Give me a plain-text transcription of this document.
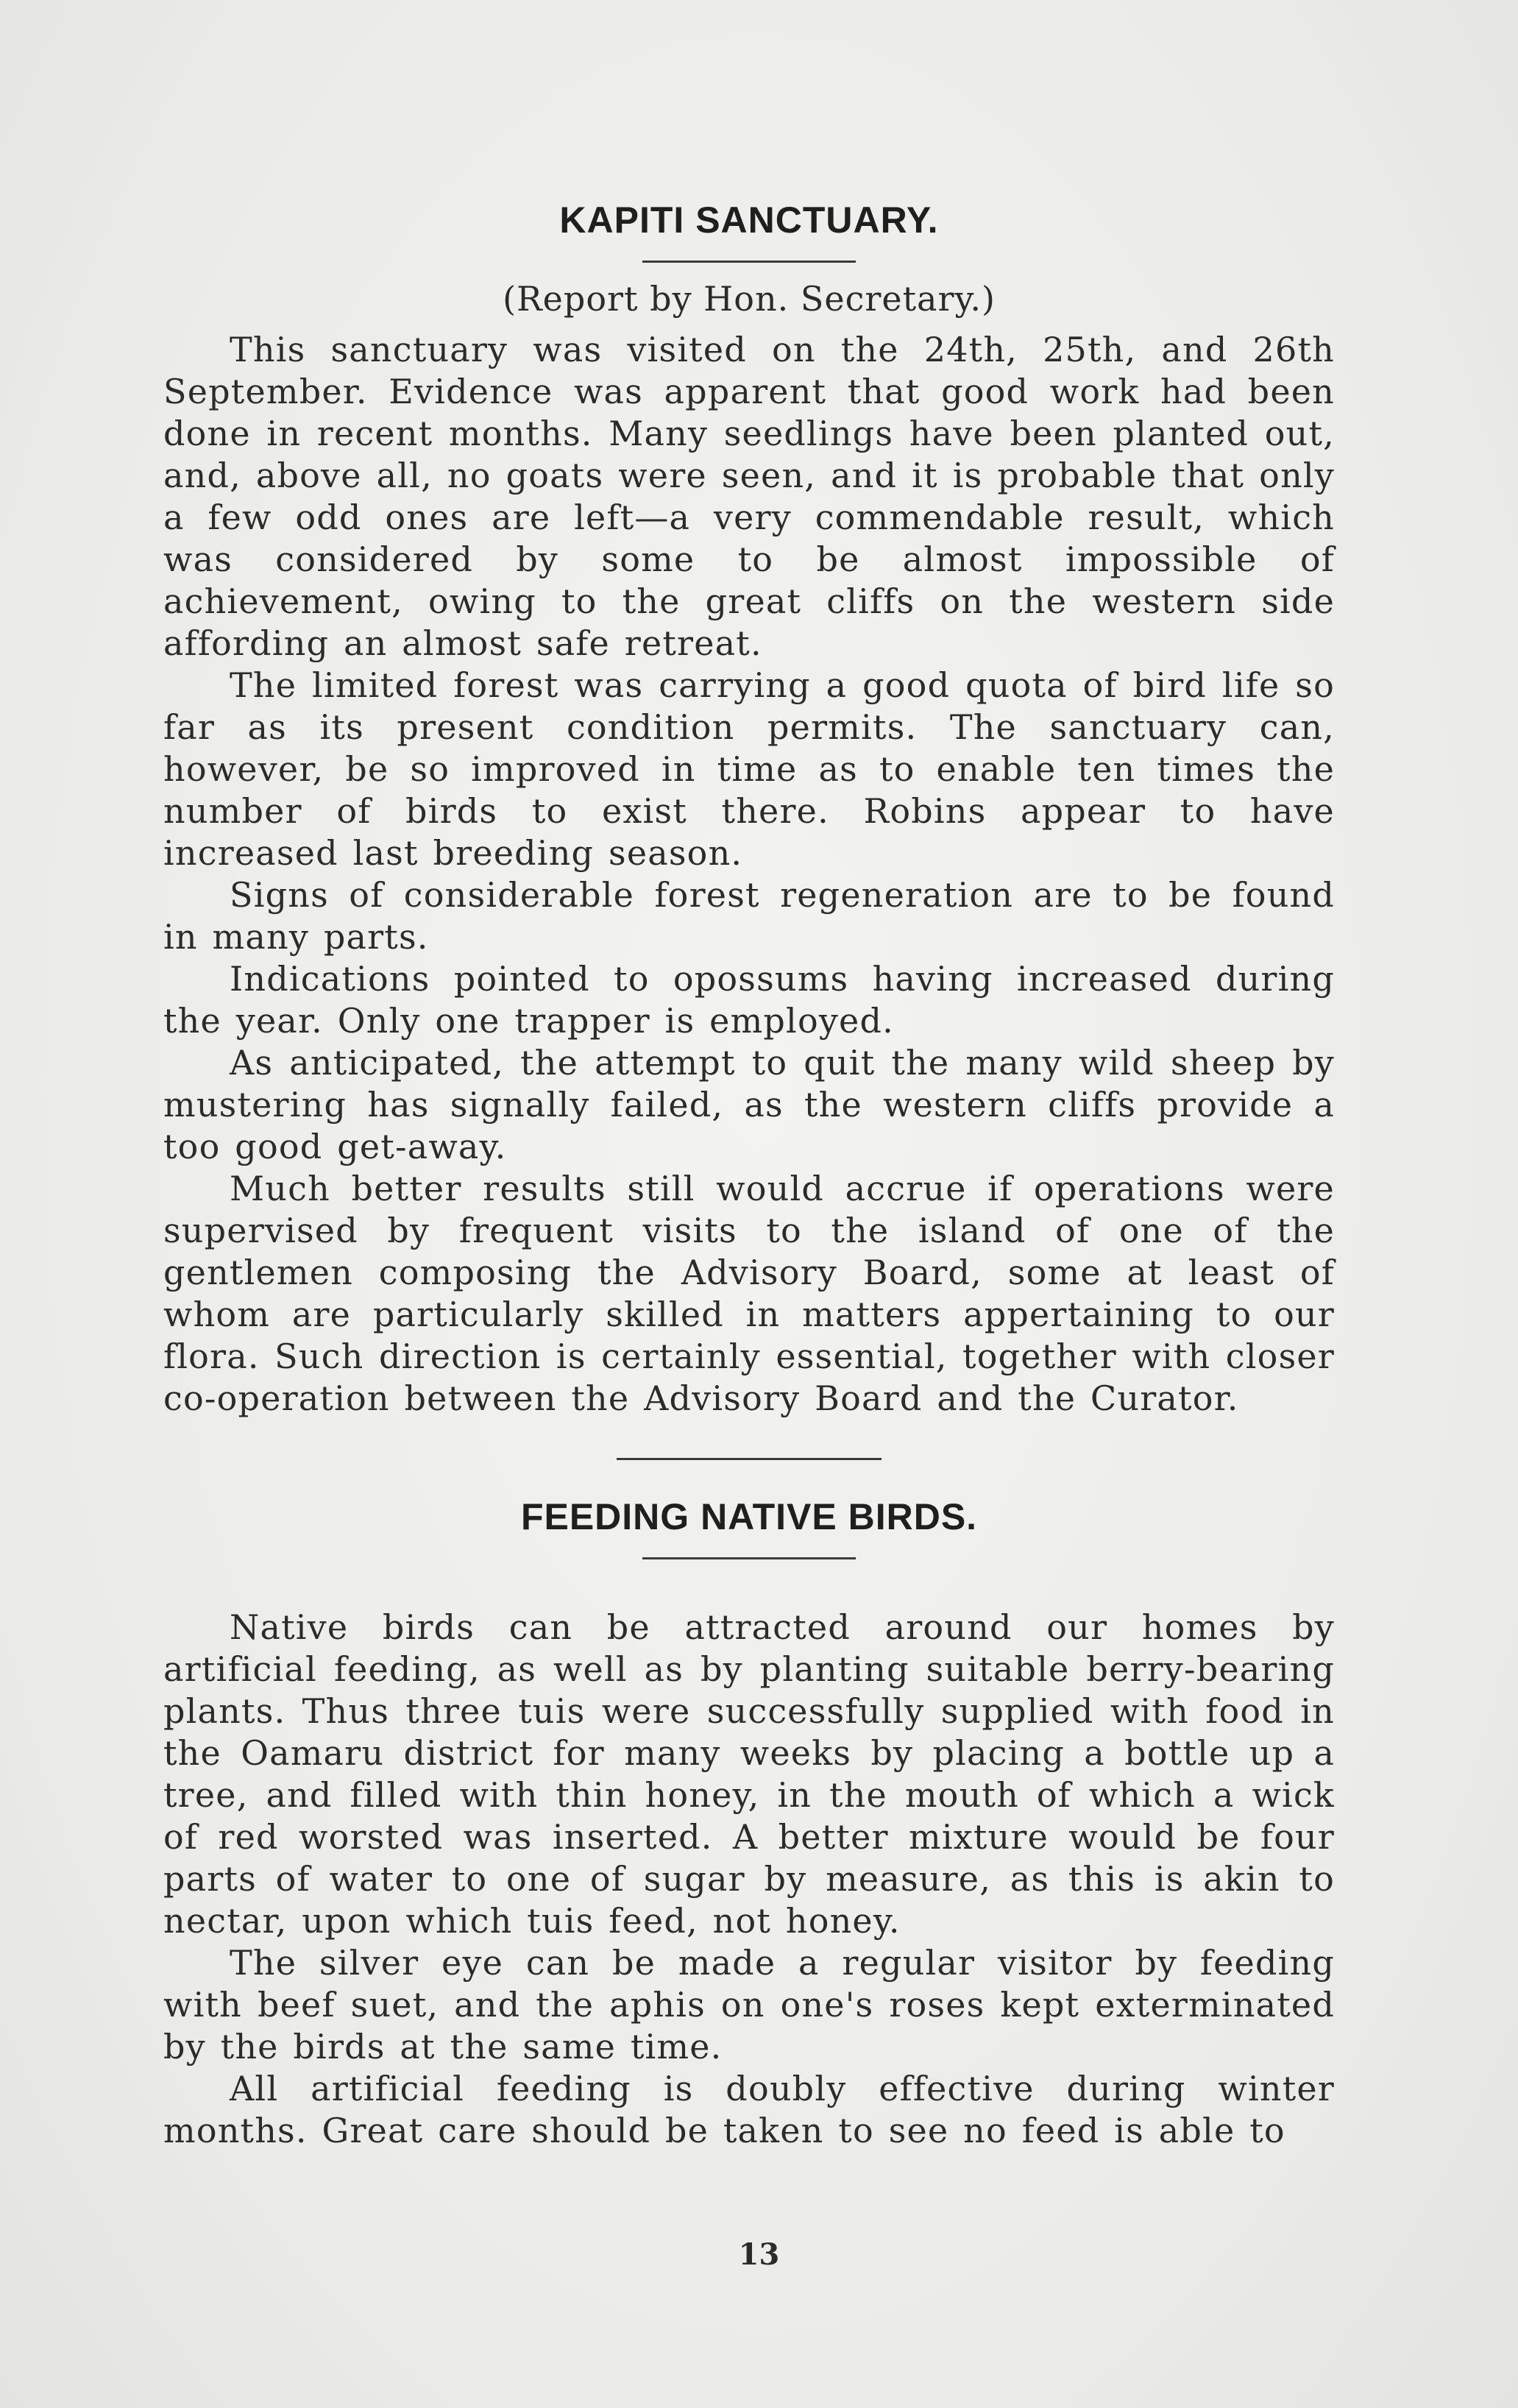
KAPITI SANCTUARY.
(Report by Hon. Secretary.)

This sanctuary was visited on the 24th, 25th, and 26th September. Evidence was apparent that good work had been done in recent months. Many seedlings have been planted out, and, above all, no goats were seen, and it is probable that only a few odd ones are left—a very commendable result, which was considered by some to be almost impossible of achievement, owing to the great cliffs on the western side affording an almost safe retreat.

The limited forest was carrying a good quota of bird life so far as its present condition permits. The sanctuary can, however, be so improved in time as to enable ten times the number of birds to exist there. Robins appear to have increased last breeding season.

Signs of considerable forest regeneration are to be found in many parts.

Indications pointed to opossums having increased during the year. Only one trapper is employed.

As anticipated, the attempt to quit the many wild sheep by mustering has signally failed, as the western cliffs provide a too good get-away.

Much better results still would accrue if operations were supervised by frequent visits to the island of one of the gentlemen composing the Advisory Board, some at least of whom are particularly skilled in matters appertaining to our flora. Such direction is certainly essential, together with closer co-operation between the Advisory Board and the Curator.

FEEDING NATIVE BIRDS.

Native birds can be attracted around our homes by artificial feeding, as well as by planting suitable berry-bearing plants. Thus three tuis were successfully supplied with food in the Oamaru district for many weeks by placing a bottle up a tree, and filled with thin honey, in the mouth of which a wick of red worsted was inserted. A better mixture would be four parts of water to one of sugar by measure, as this is akin to nectar, upon which tuis feed, not honey.

The silver eye can be made a regular visitor by feeding with beef suet, and the aphis on one's roses kept exterminated by the birds at the same time.

All artificial feeding is doubly effective during winter months. Great care should be taken to see no feed is able to

13
